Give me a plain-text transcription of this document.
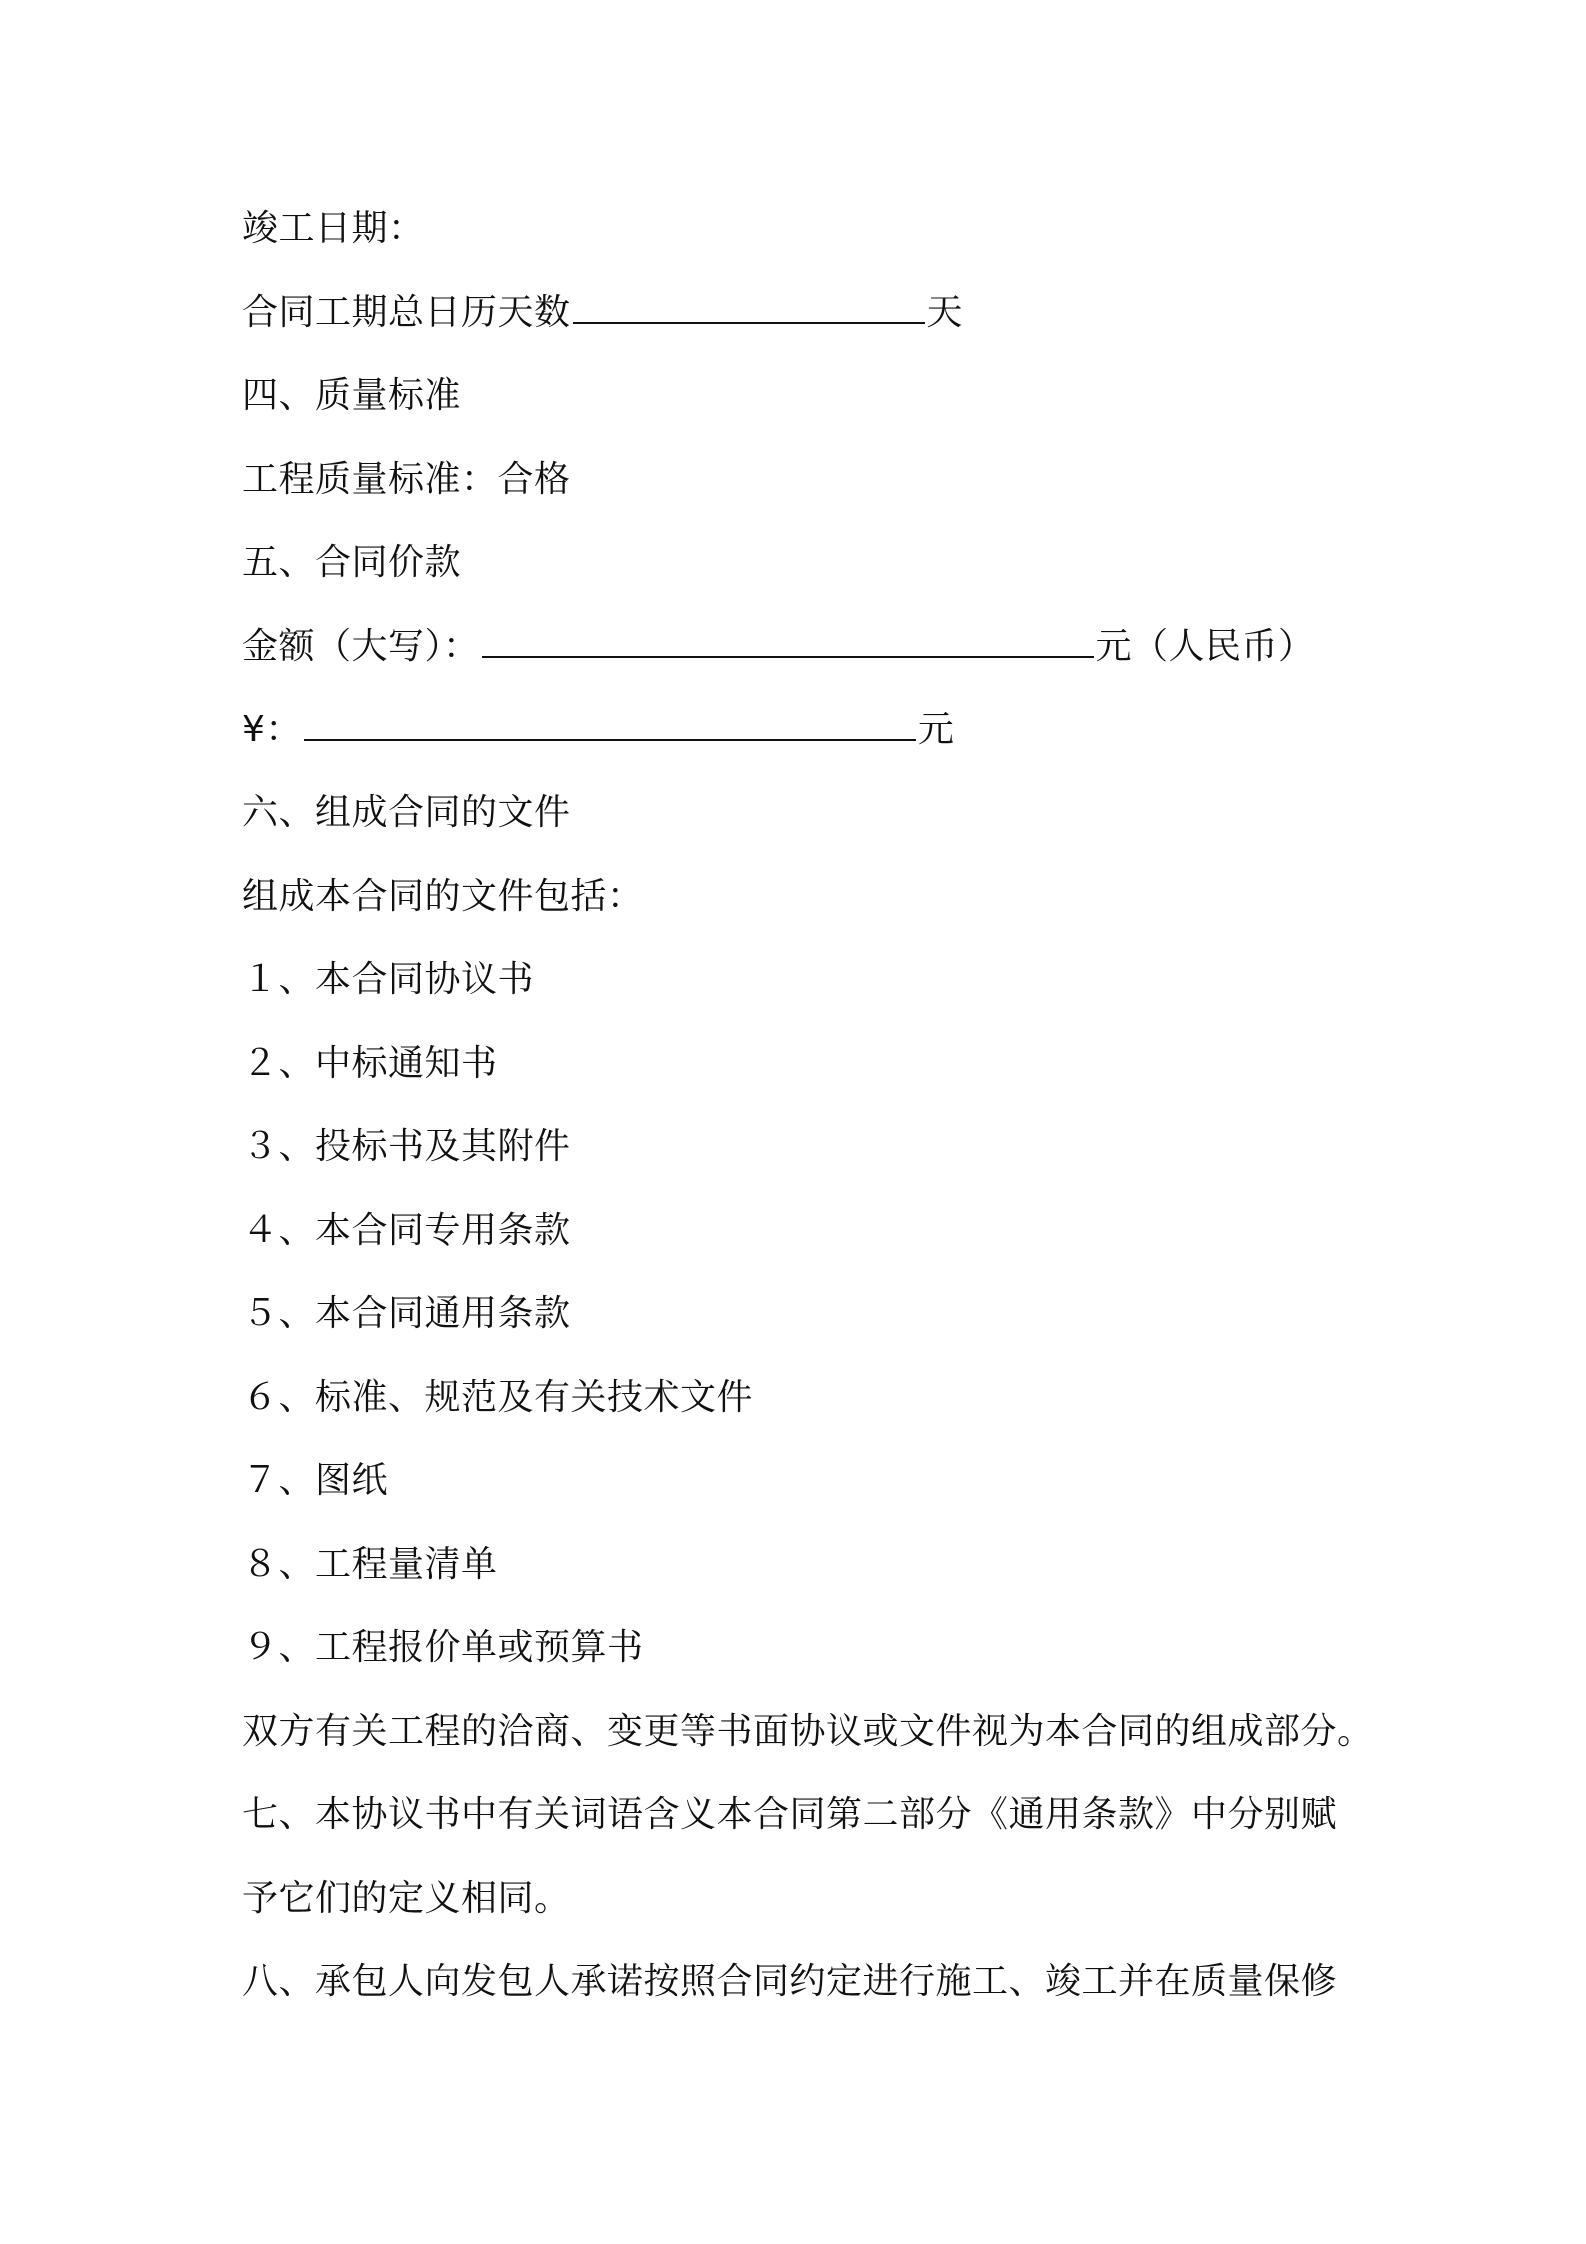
竣工日期：
合同工期总日历天数	天
四、质量标准
工程质量标准：合格
五、合同价款
金额（大写）：	元（人民币）
¥：	元
六、组成合同的文件
组成本合同的文件包括：
１、本合同协议书
２、中标通知书
３、投标书及其附件
４、本合同专用条款
５、本合同通用条款
６、标准、规范及有关技术文件
７、图纸
８、工程量清单
９、工程报价单或预算书
双方有关工程的洽商、变更等书面协议或文件视为本合同的组成部分。
七、本协议书中有关词语含义本合同第二部分《通用条款》中分别赋
予它们的定义相同。
八、承包人向发包人承诺按照合同约定进行施工、竣工并在质量保修
